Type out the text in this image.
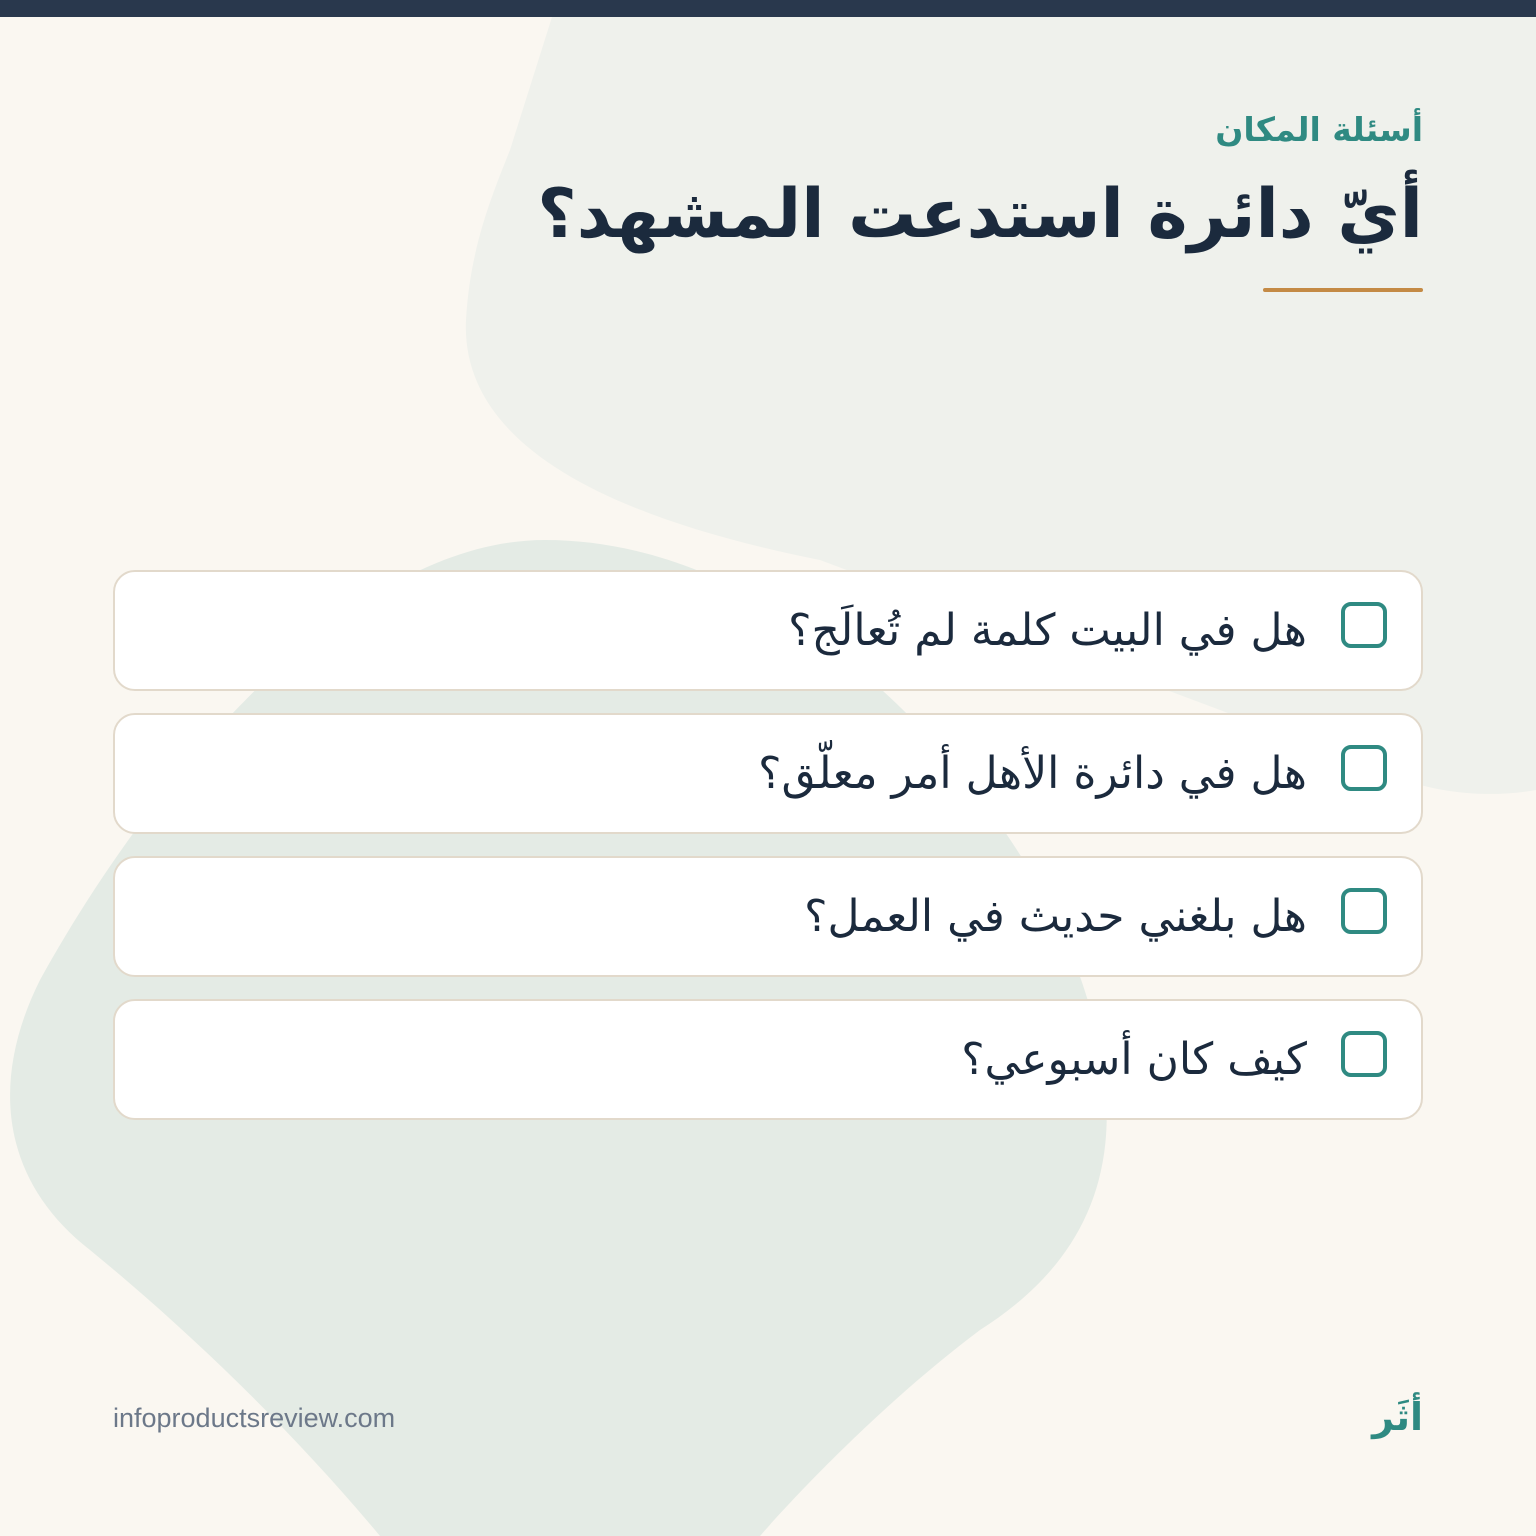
أسئلة المكان
أيّ دائرة استدعت المشهد؟
هل في البيت كلمة لم تُعالَج؟
هل في دائرة الأهل أمر معلّق؟
هل بلغني حديث في العمل؟
كيف كان أسبوعي؟
infoproductsreview.com	أثَر
